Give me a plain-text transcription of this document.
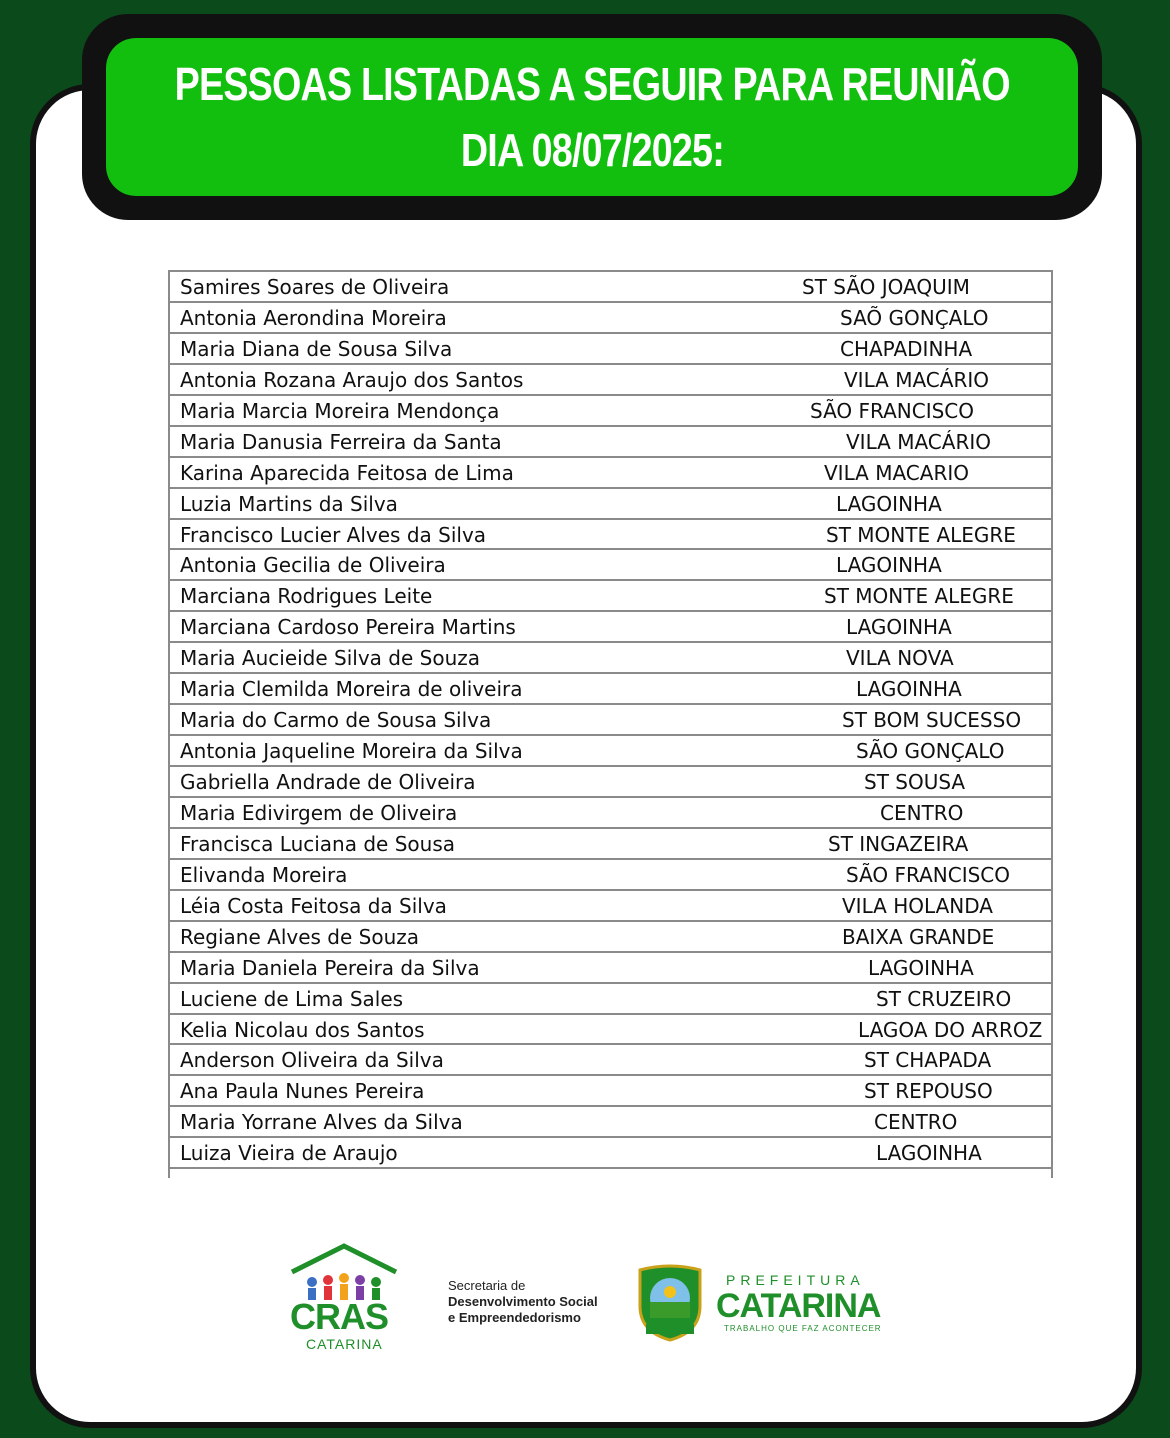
PESSOAS LISTADAS A SEGUIR PARA REUNIÃO
DIA 08/07/2025:
Samires Soares de Oliveira	ST SÃO JOAQUIM
Antonia Aerondina Moreira	SAÕ GONÇALO
Maria Diana de Sousa Silva	CHAPADINHA
Antonia Rozana Araujo dos Santos	VILA MACÁRIO
Maria Marcia Moreira Mendonça	SÃO FRANCISCO
Maria Danusia Ferreira da Santa	VILA MACÁRIO
Karina Aparecida Feitosa de Lima	VILA MACARIO
Luzia Martins da Silva	LAGOINHA
Francisco Lucier Alves da Silva	ST MONTE ALEGRE
Antonia Gecilia de Oliveira	LAGOINHA
Marciana Rodrigues Leite	ST MONTE ALEGRE
Marciana Cardoso Pereira Martins	LAGOINHA
Maria Aucieide Silva de Souza	VILA NOVA
Maria Clemilda Moreira de oliveira	LAGOINHA
Maria do Carmo de Sousa Silva	ST BOM SUCESSO
Antonia Jaqueline Moreira da Silva	SÃO GONÇALO
Gabriella Andrade de Oliveira	ST SOUSA
Maria Edivirgem de Oliveira	CENTRO
Francisca Luciana de Sousa	ST INGAZEIRA
Elivanda Moreira	SÃO FRANCISCO
Léia Costa Feitosa da Silva	VILA HOLANDA
Regiane Alves de Souza	BAIXA GRANDE
Maria Daniela Pereira da Silva	LAGOINHA
Luciene de Lima Sales	ST CRUZEIRO
Kelia Nicolau dos Santos	LAGOA DO ARROZ
Anderson Oliveira da Silva	ST CHAPADA
Ana Paula Nunes Pereira	ST REPOUSO
Maria Yorrane Alves da Silva	CENTRO
Luiza Vieira de Araujo	LAGOINHA
CRAS
CATARINA
Secretaria de
Desenvolvimento Social
e Empreendedorismo
PREFEITURA
CATARINA
TRABALHO QUE FAZ ACONTECER
